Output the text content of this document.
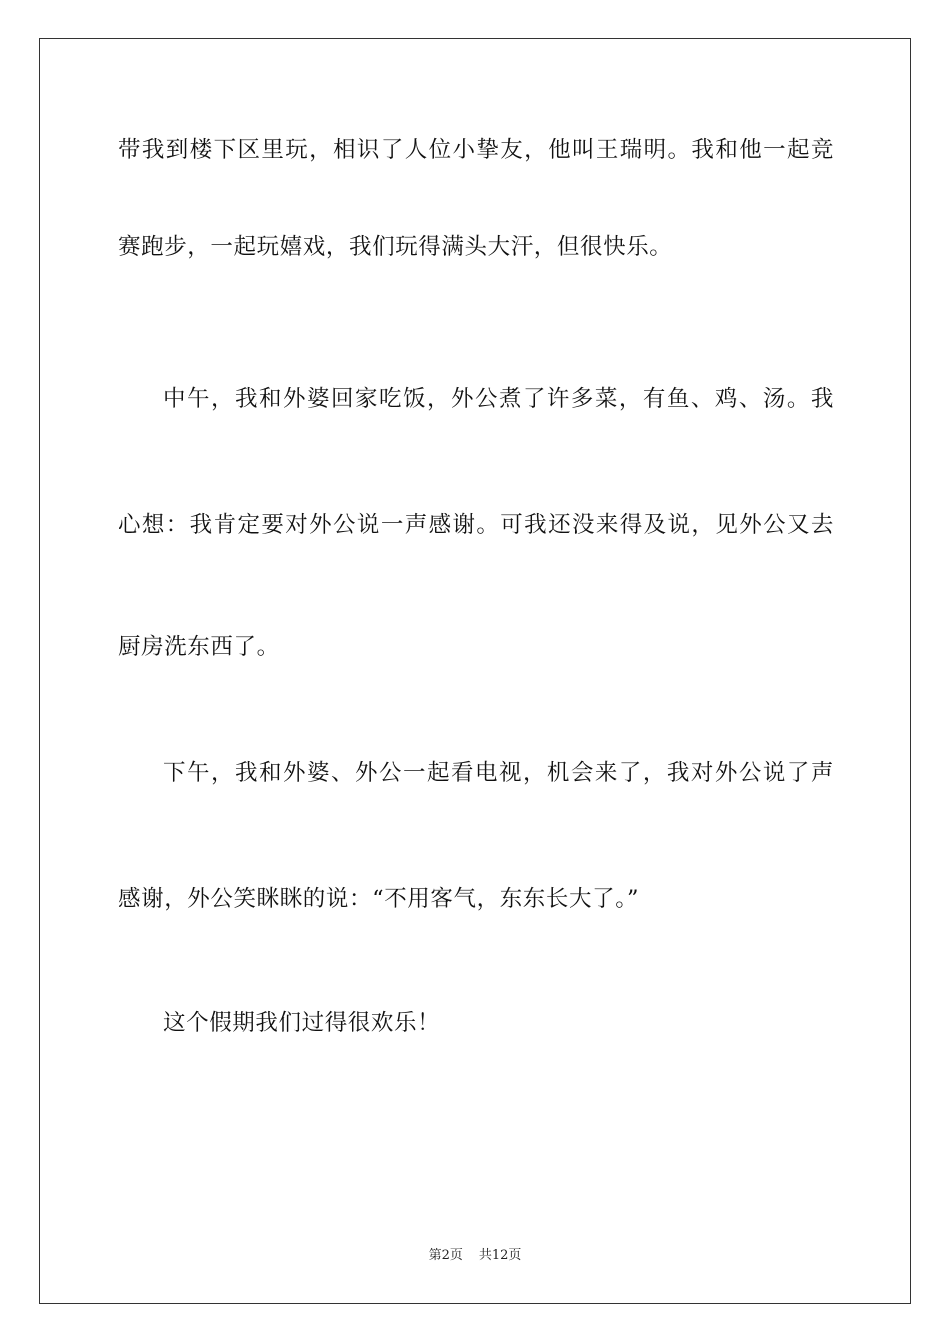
带我到楼下区里玩，相识了人位小挚友，他叫王瑞明。我和他一起竞
赛跑步，一起玩嬉戏，我们玩得满头大汗，但很快乐。
中午，我和外婆回家吃饭，外公煮了许多菜，有鱼、鸡、汤。我
心想：我肯定要对外公说一声感谢。可我还没来得及说，见外公又去
厨房洗东西了。
下午，我和外婆、外公一起看电视，机会来了，我对外公说了声
感谢，外公笑眯眯的说：“不用客气，东东长大了。”
这个假期我们过得很欢乐！
第2页 共12页
